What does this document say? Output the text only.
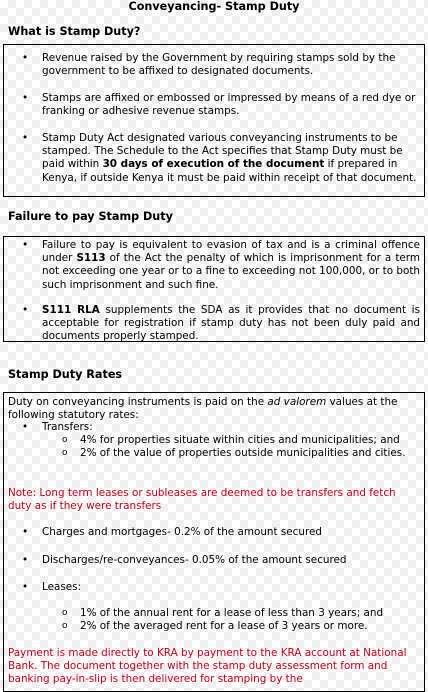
Conveyancing- Stamp Duty
What is Stamp Duty?
• Revenue raised by the Government by requiring stamps sold by the government to be affixed to designated documents.
• Stamps are affixed or embossed or impressed by means of a red dye or franking or adhesive revenue stamps.
• Stamp Duty Act designated various conveyancing instruments to be stamped. The Schedule to the Act specifies that Stamp Duty must be paid within 30 days of execution of the document if prepared in Kenya, if outside Kenya it must be paid within receipt of that document.
Failure to pay Stamp Duty
• Failure to pay is equivalent to evasion of tax and is a criminal offence under S113 of the Act the penalty of which is imprisonment for a term not exceeding one year or to a fine to exceeding not 100,000, or to both such imprisonment and such fine.
• S111 RLA supplements the SDA as it provides that no document is acceptable for registration if stamp duty has not been duly paid and documents properly stamped.
Stamp Duty Rates
Duty on conveyancing instruments is paid on the ad valorem values at the following statutory rates:
• Transfers:
o 4% for properties situate within cities and municipalities; and
o 2% of the value of properties outside municipalities and cities.
Note: Long term leases or subleases are deemed to be transfers and fetch duty as if they were transfers
• Charges and mortgages- 0.2% of the amount secured
• Discharges/re-conveyances- 0.05% of the amount secured
• Leases:
o 1% of the annual rent for a lease of less than 3 years; and
o 2% of the averaged rent for a lease of 3 years or more.
Payment is made directly to KRA by payment to the KRA account at National Bank. The document together with the stamp duty assessment form and banking pay-in-slip is then delivered for stamping by the
